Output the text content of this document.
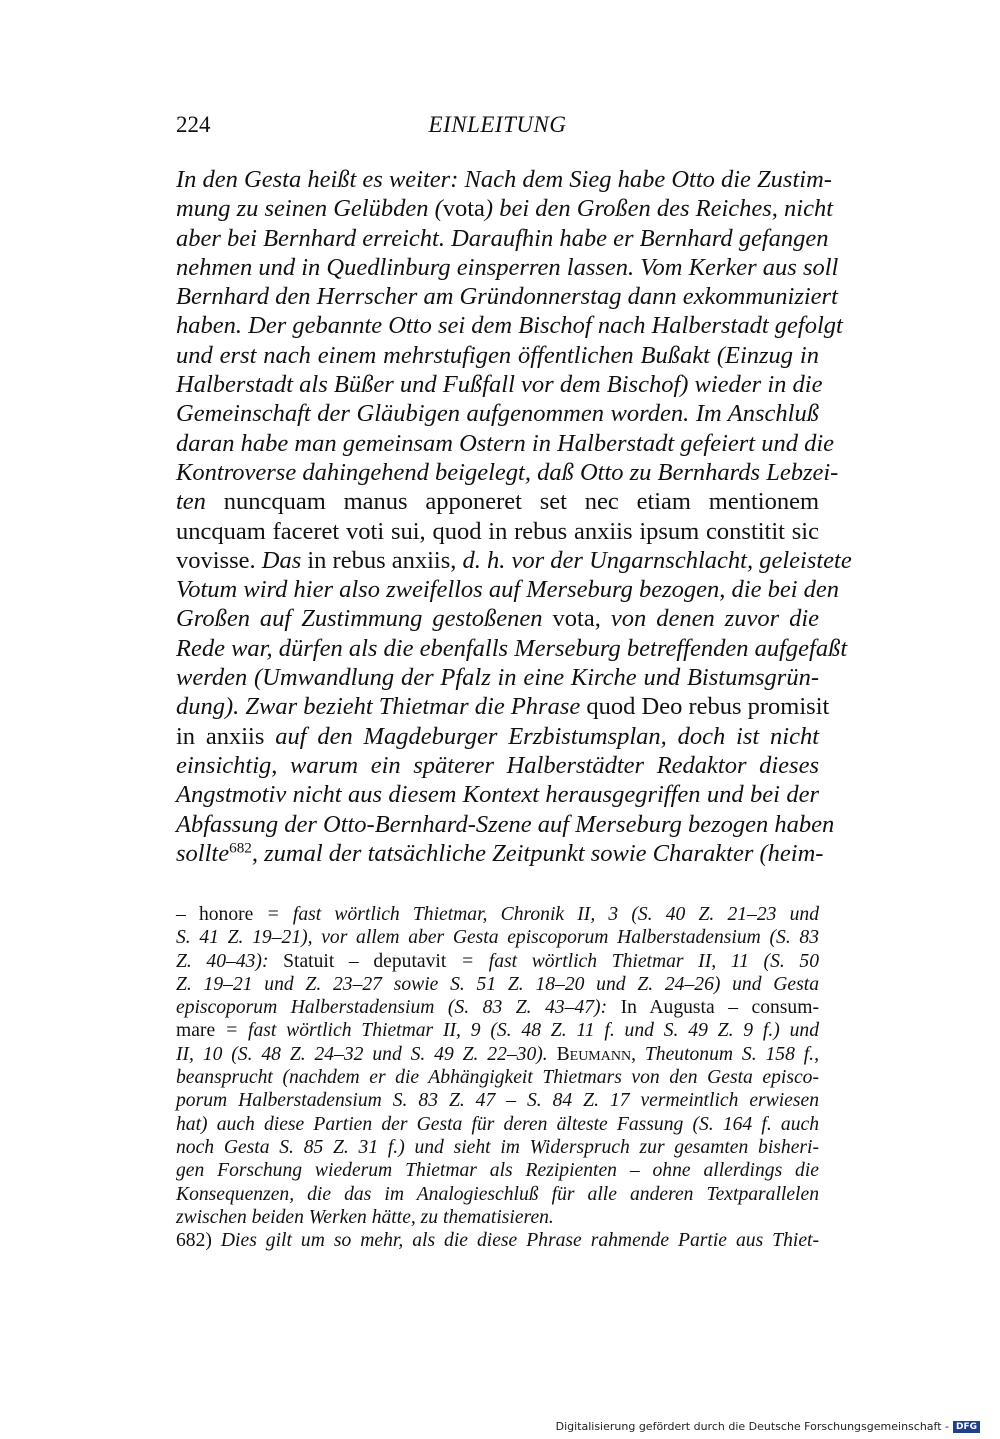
224	EINLEITUNG
In den Gesta heißt es weiter: Nach dem Sieg habe Otto die Zustim-
mung zu seinen Gelübden (vota) bei den Großen des Reiches, nicht
aber bei Bernhard erreicht. Daraufhin habe er Bernhard gefangen
nehmen und in Quedlinburg einsperren lassen. Vom Kerker aus soll
Bernhard den Herrscher am Gründonnerstag dann exkommuniziert
haben. Der gebannte Otto sei dem Bischof nach Halberstadt gefolgt
und erst nach einem mehrstufigen öffentlichen Bußakt (Einzug in
Halberstadt als Büßer und Fußfall vor dem Bischof) wieder in die
Gemeinschaft der Gläubigen aufgenommen worden. Im Anschluß
daran habe man gemeinsam Ostern in Halberstadt gefeiert und die
Kontroverse dahingehend beigelegt, daß Otto zu Bernhards Lebzei-
ten nuncquam manus apponeret set nec etiam mentionem
uncquam faceret voti sui, quod in rebus anxiis ipsum constitit sic
vovisse. Das in rebus anxiis, d. h. vor der Ungarnschlacht, geleistete
Votum wird hier also zweifellos auf Merseburg bezogen, die bei den
Großen auf Zustimmung gestoßenen vota, von denen zuvor die
Rede war, dürfen als die ebenfalls Merseburg betreffenden aufgefaßt
werden (Umwandlung der Pfalz in eine Kirche und Bistumsgrün-
dung). Zwar bezieht Thietmar die Phrase quod Deo rebus promisit
in anxiis auf den Magdeburger Erzbistumsplan, doch ist nicht
einsichtig, warum ein späterer Halberstädter Redaktor dieses
Angstmotiv nicht aus diesem Kontext herausgegriffen und bei der
Abfassung der Otto-Bernhard-Szene auf Merseburg bezogen haben
sollte$^{682}$, zumal der tatsächliche Zeitpunkt sowie Charakter (heim-
– honore = fast wörtlich Thietmar, Chronik II, 3 (S. 40 Z. 21–23 und
S. 41 Z. 19–21), vor allem aber Gesta episcoporum Halberstadensium (S. 83
Z. 40–43): Statuit – deputavit = fast wörtlich Thietmar II, 11 (S. 50
Z. 19–21 und Z. 23–27 sowie S. 51 Z. 18–20 und Z. 24–26) und Gesta
episcoporum Halberstadensium (S. 83 Z. 43–47): In Augusta – consum-
mare = fast wörtlich Thietmar II, 9 (S. 48 Z. 11 f. und S. 49 Z. 9 f.) und
II, 10 (S. 48 Z. 24–32 und S. 49 Z. 22–30). Beumann, Theutonum S. 158 f.,
beansprucht (nachdem er die Abhängigkeit Thietmars von den Gesta episco-
porum Halberstadensium S. 83 Z. 47 – S. 84 Z. 17 vermeintlich erwiesen
hat) auch diese Partien der Gesta für deren älteste Fassung (S. 164 f. auch
noch Gesta S. 85 Z. 31 f.) und sieht im Widerspruch zur gesamten bisheri-
gen Forschung wiederum Thietmar als Rezipienten – ohne allerdings die
Konsequenzen, die das im Analogieschluß für alle anderen Textparallelen
zwischen beiden Werken hätte, zu thematisieren.
682) Dies gilt um so mehr, als die diese Phrase rahmende Partie aus Thiet-
Digitalisierung gefördert durch die Deutsche Forschungsgemeinschaft - DFG
